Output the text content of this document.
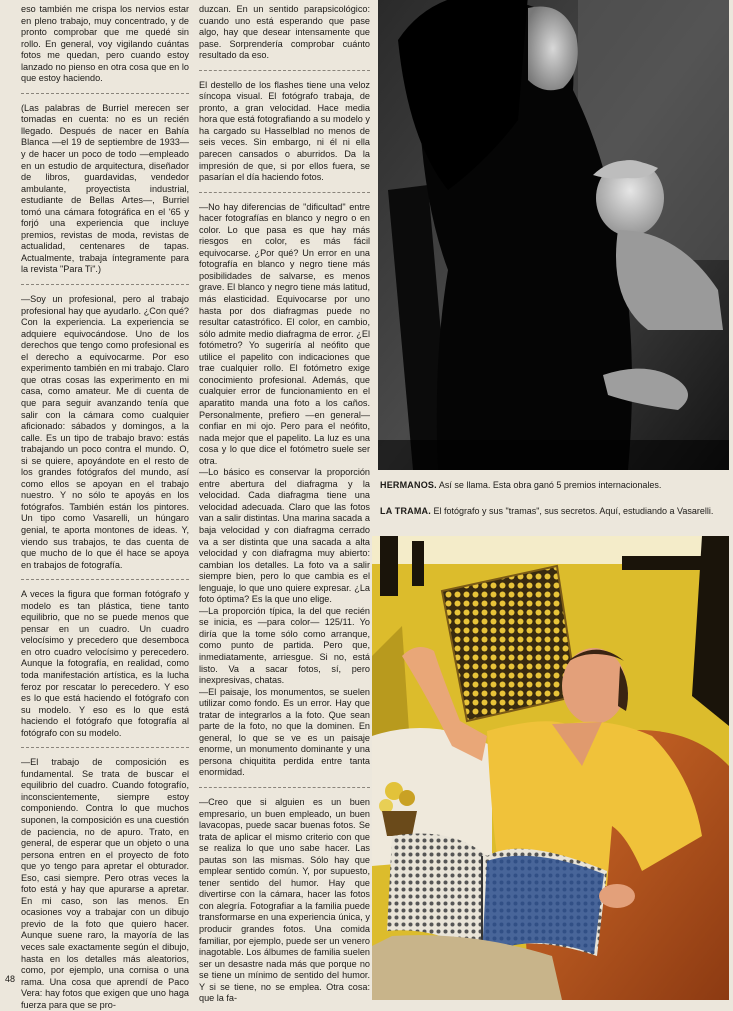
eso también me crispa los nervios estar en pleno trabajo, muy concentrado, y de pronto comprobar que me quedé sin rollo. En general, voy vigilando cuántas fotos me quedan, pero cuando estoy lanzado no pienso en otra cosa que en lo que estoy haciendo.

(Las palabras de Burriel merecen ser tomadas en cuenta: no es un recién llegado. Después de nacer en Bahía Blanca —el 19 de septiembre de 1933— y de hacer un poco de todo —empleado en un estudio de arquitectura, diseñador de libros, guardavidas, vendedor ambulante, proyectista industrial, estudiante de Bellas Artes—, Burriel tomó una cámara fotográfica en el '65 y forjó una experiencia que incluye premios, revistas de moda, revistas de actualidad, centenares de tapas. Actualmente, trabaja íntegramente para la revista "Para Ti".)

—Soy un profesional, pero al trabajo profesional hay que ayudarlo. ¿Con qué? Con la experiencia. La experiencia se adquiere equivocándose. Uno de los derechos que tengo como profesional es el derecho a equivocarme. Por eso experimento también en mi trabajo. Claro que otras cosas las experimento en mi casa, como amateur. Me di cuenta de que para seguir avanzando tenía que salir con la cámara como cualquier aficionado: sábados y domingos, a la calle. Es un tipo de trabajo bravo: estás trabajando un poco contra el mundo. O, si se quiere, apoyándote en el resto de los grandes fotógrafos del mundo, así como ellos se apoyan en el trabajo nuestro. Y no sólo te apoyás en los fotógrafos. También están los pintores. Un tipo como Vasarelli, un húngaro genial, te aporta montones de ideas. Y, viendo sus trabajos, te das cuenta de que mucho de lo que él hace se apoya en trabajos de fotografía.

A veces la figura que forman fotógrafo y modelo es tan plástica, tiene tanto equilibrio, que no se puede menos que pensar en un cuadro. Un cuadro velocísimo y precedero que desemboca en otro cuadro velocísimo y perecedero. Aunque la fotografía, en realidad, como toda manifestación artística, es la lucha feroz por rescatar lo perecedero. Y eso es lo que está haciendo el fotógrafo con su modelo. Y eso es lo que está haciendo el fotógrafo que fotografía al fotógrafo con su modelo.

—El trabajo de composición es fundamental. Se trata de buscar el equilibrio del cuadro. Cuando fotografío, inconscientemente, siempre estoy componiendo. Contra lo que muchos suponen, la composición es una cuestión de paciencia, no de apuro. Trato, en general, de esperar que un objeto o una persona entren en el proyecto de foto que yo tengo para apretar el obturador. Eso, casi siempre. Pero otras veces la foto está y hay que apurarse a apretar. En mi caso, son las menos. En ocasiones voy a trabajar con un dibujo previo de la foto que quiero hacer. Aunque suene raro, la mayoría de las veces sale exactamente según el dibujo, hasta en los detalles más aleatorios, como, por ejemplo, una cornisa o una rama. Una cosa que aprendí de Paco Vera: hay fotos que exigen que uno haga fuerza para que se pro-

48

duzcan. En un sentido parapsicológico: cuando uno está esperando que pase algo, hay que desear intensamente que pase. Sorprendería comprobar cuánto resultado da eso.

El destello de los flashes tiene una veloz síncopa visual. El fotógrafo trabaja, de pronto, a gran velocidad. Hace media hora que está fotografiando a su modelo y ha cargado su Hasselblad no menos de seis veces. Sin embargo, ni él ni ella parecen cansados o aburridos. Da la impresión de que, si por ellos fuera, se pasarían el día haciendo fotos.

—No hay diferencias de "dificultad" entre hacer fotografías en blanco y negro o en color. Lo que pasa es que hay más riesgos en color, es más fácil equivocarse. ¿Por qué? Un error en una fotografía en blanco y negro tiene más posibilidades de salvarse, es menos grave. El blanco y negro tiene más latitud, más elasticidad. Equivocarse por uno hasta por dos diafragmas puede no resultar catastrófico. El color, en cambio, sólo admite medio diafragma de error. ¿El fotómetro? Yo sugeriría al neófito que utilice el papelito con indicaciones que trae cualquier rollo. El fotómetro exige conocimiento profesional. Además, que cualquier error de funcionamiento en el aparatito manda una foto a los caños. Personalmente, prefiero —en general— confiar en mi ojo. Pero para el neófito, nada mejor que el papelito. La luz es una cosa y lo que dice el fotómetro suele ser otra.

—Lo básico es conservar la proporción entre abertura del diafragma y la velocidad. Cada diafragma tiene una velocidad adecuada. Claro que las fotos van a salir distintas. Una marina sacada a baja velocidad y con diafragma cerrado va a ser distinta que una sacada a alta velocidad y con diafragma muy abierto: cambian los detalles. La foto va a salir siempre bien, pero lo que cambia es el lenguaje, lo que uno quiere expresar. ¿La foto óptima? Es la que uno elige.

—La proporción típica, la del que recién se inicia, es —para color— 125/11. Yo diría que la tome sólo como arranque, como punto de partida. Pero que, inmediatamente, arriesgue. Si no, está listo. Va a sacar fotos, sí, pero inexpresivas, chatas.

—El paisaje, los monumentos, se suelen utilizar como fondo. Es un error. Hay que tratar de integrarlos a la foto. Que sean parte de la foto, no que la dominen. En general, lo que se ve es un paisaje enorme, un monumento dominante y una persona chiquitita perdida entre tanta enormidad.

—Creo que si alguien es un buen empresario, un buen empleado, un buen lavacopas, puede sacar buenas fotos. Se trata de aplicar el mismo criterio con que se realiza lo que uno sabe hacer. Las pautas son las mismas. Sólo hay que emplear sentido común. Y, por supuesto, tener sentido del humor. Hay que divertirse con la cámara, hacer las fotos con alegría. Fotografiar a la familia puede transformarse en una experiencia única, y producir grandes fotos. Una comida familiar, por ejemplo, puede ser un venero inagotable. Los álbumes de familia suelen ser un desastre nada más que porque no se tiene un mínimo de sentido del humor. Y si se tiene, no se emplea. Otra cosa: que la fa-

HERMANOS. Así se llama. Esta obra ganó 5 premios internacionales.
LA TRAMA. El fotógrafo y sus "tramas", sus secretos. Aquí, estudiando a Vasarelli.
